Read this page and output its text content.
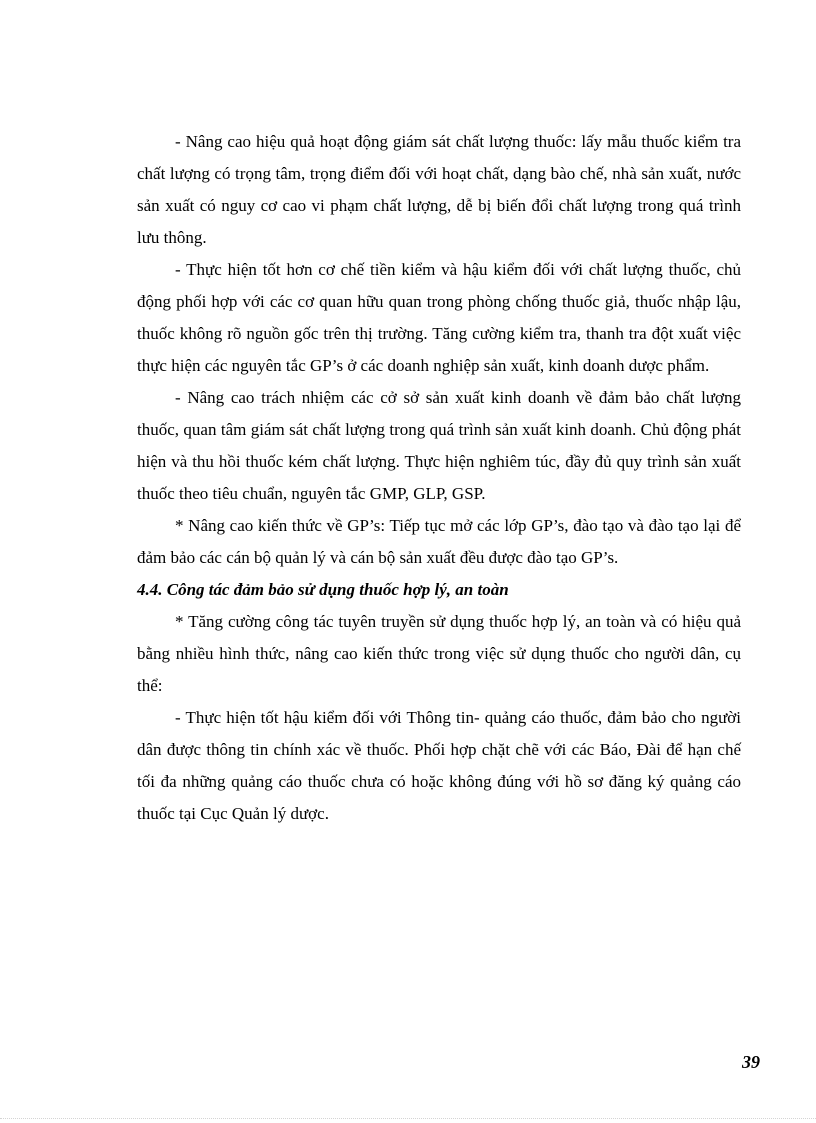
- Nâng cao hiệu quả hoạt động giám sát chất lượng thuốc: lấy mẫu thuốc kiểm tra chất lượng có trọng tâm, trọng điểm đối với hoạt chất, dạng bào chế, nhà sản xuất, nước sản xuất có nguy cơ cao vi phạm chất lượng, dễ bị biến đổi chất lượng trong quá trình lưu thông.

- Thực hiện tốt hơn cơ chế tiền kiểm và hậu kiểm đối với chất lượng thuốc, chủ động phối hợp với các cơ quan hữu quan trong phòng chống thuốc giả, thuốc nhập lậu, thuốc không rõ nguồn gốc trên thị trường. Tăng cường kiểm tra, thanh tra đột xuất việc thực hiện các nguyên tắc GP’s ở các doanh nghiệp sản xuất, kinh doanh dược phẩm.

- Nâng cao trách nhiệm các cở sở sản xuất kinh doanh về đảm bảo chất lượng thuốc, quan tâm giám sát chất lượng trong quá trình sản xuất kinh doanh. Chủ động phát hiện và thu hồi thuốc kém chất lượng. Thực hiện nghiêm túc, đầy đủ quy trình sản xuất thuốc theo tiêu chuẩn, nguyên tắc GMP, GLP, GSP.

* Nâng cao kiến thức về GP’s: Tiếp tục mở các lớp GP’s, đào tạo và đào tạo lại để đảm bảo các cán bộ quản lý và cán bộ sản xuất đều được đào tạo GP’s.

4.4. Công tác đảm bảo sử dụng thuốc hợp lý, an toàn

* Tăng cường công tác tuyên truyền sử dụng thuốc hợp lý, an toàn và có hiệu quả bằng nhiều hình thức, nâng cao kiến thức trong việc sử dụng thuốc cho người dân, cụ thể:

- Thực hiện tốt hậu kiểm đối với Thông tin- quảng cáo thuốc, đảm bảo cho người dân được thông tin chính xác về thuốc. Phối hợp chặt chẽ với các Báo, Đài để hạn chế tối đa những quảng cáo thuốc chưa có hoặc không đúng với hồ sơ đăng ký quảng cáo thuốc tại Cục Quản lý dược.

39
